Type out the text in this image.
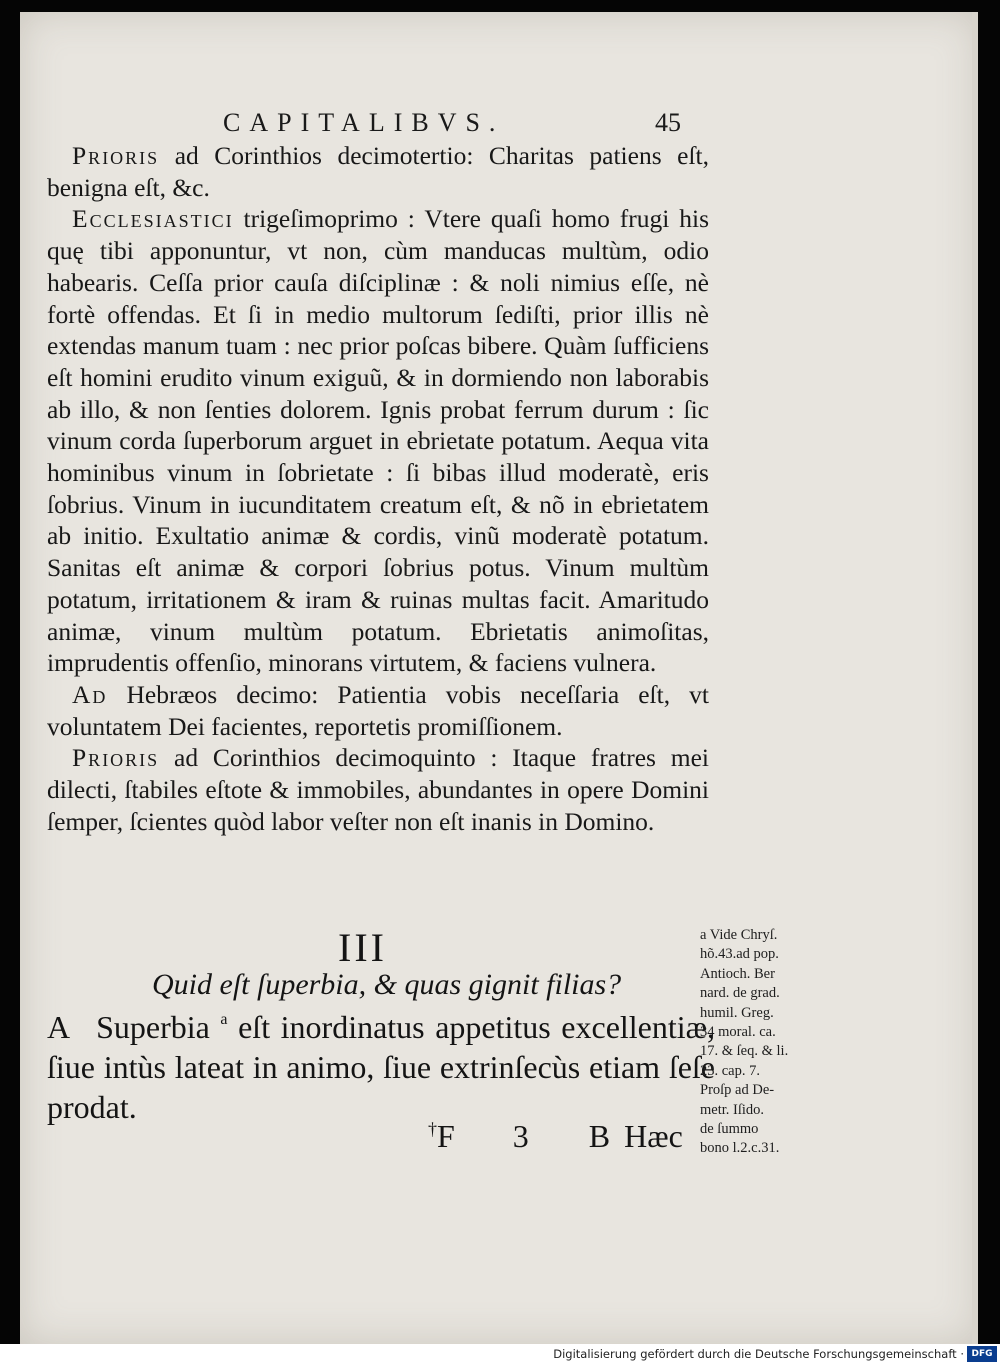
CAPITALIBVS.	45

Prioris ad Corinthios decimotertio: Charitas patiens eſt, benigna eſt, &c.

Ecclesiastici trigeſimoprimo : Vtere quaſi homo frugi his quę tibi apponuntur, vt non, cùm manducas multùm, odio habearis. Ceſſa prior cauſa diſciplinæ : & noli nimius eſſe, nè fortè offendas. Et ſi in medio multorum ſediſti, prior illis nè extendas manum tuam : nec prior poſcas bibere. Quàm ſufficiens eſt homini erudito vinum exiguũ, & in dormiendo non laborabis ab illo, & non ſenties dolorem. Ignis probat ferrum durum : ſic vinum corda ſuperborum arguet in ebrietate potatum. Aequa vita hominibus vinum in ſobrietate : ſi bibas illud moderatè, eris ſobrius. Vinum in iucunditatem creatum eſt, & nõ in ebrietatem ab initio. Exultatio animæ & cordis, vinũ moderatè potatum. Sanitas eſt animæ & corpori ſobrius potus. Vinum multùm potatum, irritationem & iram & ruinas multas facit. Amaritudo animæ, vinum multùm potatum. Ebrietatis animoſitas, imprudentis offenſio, minorans virtutem, & faciens vulnera.

Ad Hebræos decimo: Patientia vobis neceſſaria eſt, vt voluntatem Dei facientes, reportetis promiſſionem.

Prioris ad Corinthios decimoquinto : Itaque fratres mei dilecti, ſtabiles eſtote & immobiles, abundantes in opere Domini ſemper, ſcientes quòd labor veſter non eſt inanis in Domino.

III
Quid eſt ſuperbia, & quas gignit filias?
A Superbia $^a$ eſt inordinatus appetitus excellentiæ, ſiue intùs lateat in animo, ſiue extrinſecùs etiam ſeſe prodat.
†F 3 B Hæc
a Vide Chryſ.
hõ.43.ad pop.
Antioch. Ber
nard. de grad.
humil. Greg.
34 moral. ca.
17. & ſeq. & li.
23. cap. 7.
Proſp ad De-
metr. Iſido.
de ſummo
bono l.2.c.31.
Digitalisierung gefördert durch die Deutsche Forschungsgemeinschaft · DFG
